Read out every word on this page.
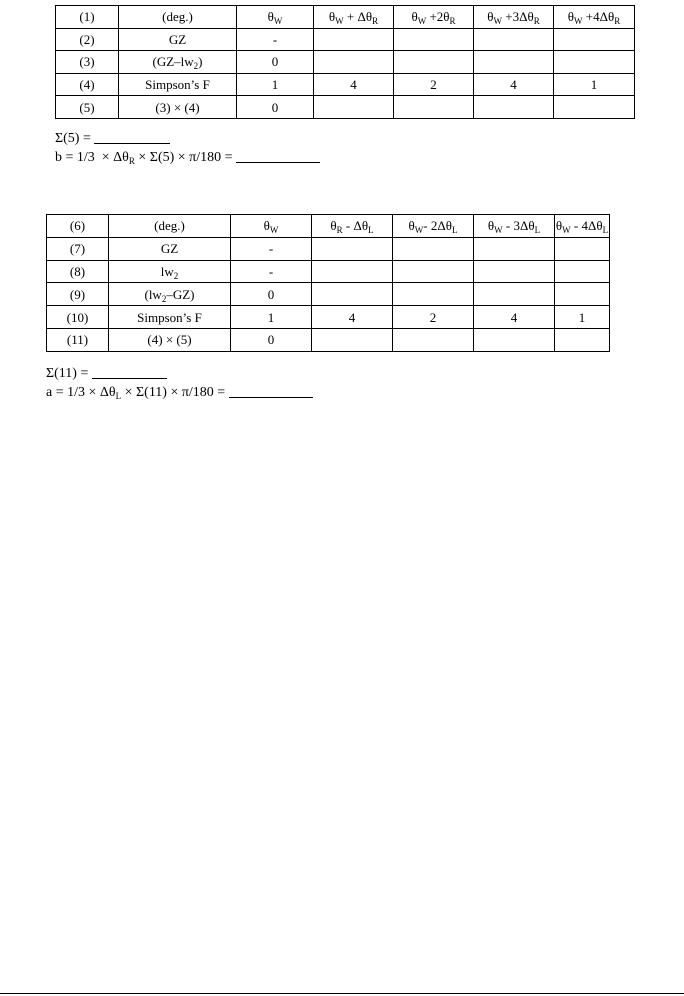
(1)	(deg.)	$\theta_W$	$\theta_W + \Delta\theta_R$	$\theta_W +2\theta_R$	$\theta_W +3\Delta\theta_R$	$\theta_W +4\Delta\theta_R$
(2)	GZ	-				
(3)	$(GZ-lw_2)$	0				
(4)	Simpson’s F	1	4	2	4	1
(5)	(3) × (4)	0				
Σ(5) =
$b = 1/3 \times \Delta\theta_R \times \Sigma(5) \times \pi/180$ =
(6)	(deg.)	$\theta_W$	$\theta_R - \Delta\theta_L$	$\theta_W-$ $2\Delta\theta_L$	$\theta_W - 3\Delta\theta_L$	$\theta_W - 4\Delta\theta_L$
(7)	GZ	-				
(8)	$lw_2$	-				
(9)	$(lw_2-GZ)$	0				
(10)	Simpson’s F	1	4	2	4	1
(11)	(4) × (5)	0				
Σ(11) =
$a = 1/3 \times \Delta\theta_L \times \Sigma(11) \times \pi/180$ =
